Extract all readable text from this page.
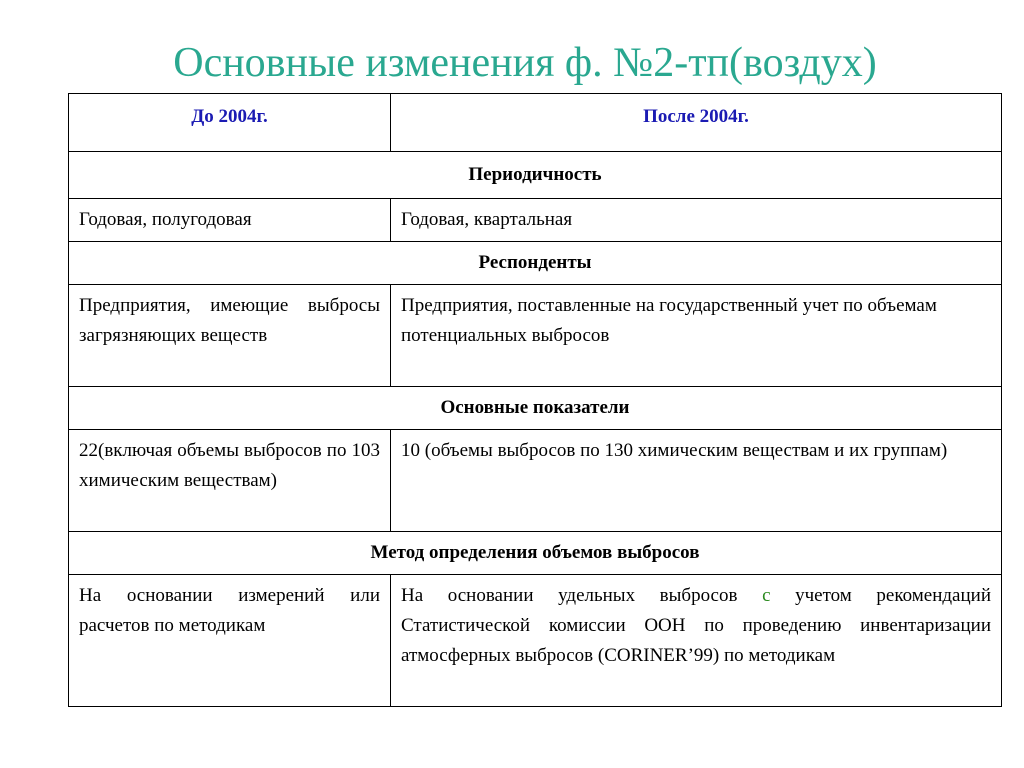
Основные изменения ф. №2-тп(воздух)
До 2004г.	После 2004г.

Периодичность	

Годовая, полугодовая	Годовая, квартальная

Респонденты	

Предприятия, имеющие выбросы загрязняющих веществ	Предприятия, поставленные на государственный учет по объемам потенциальных выбросов

Основные показатели	

22(включая объемы выбросов по 103 химическим веществам)	10 (объемы выбросов по 130 химическим веществам и их группам)

Метод определения объемов выбросов	

На основании измерений или расчетов по методикам	На основании удельных выбросов с учетом рекомендаций Статистической комиссии ООН по проведению инвентаризации атмосферных выбросов (CORINER’99) по методикам
